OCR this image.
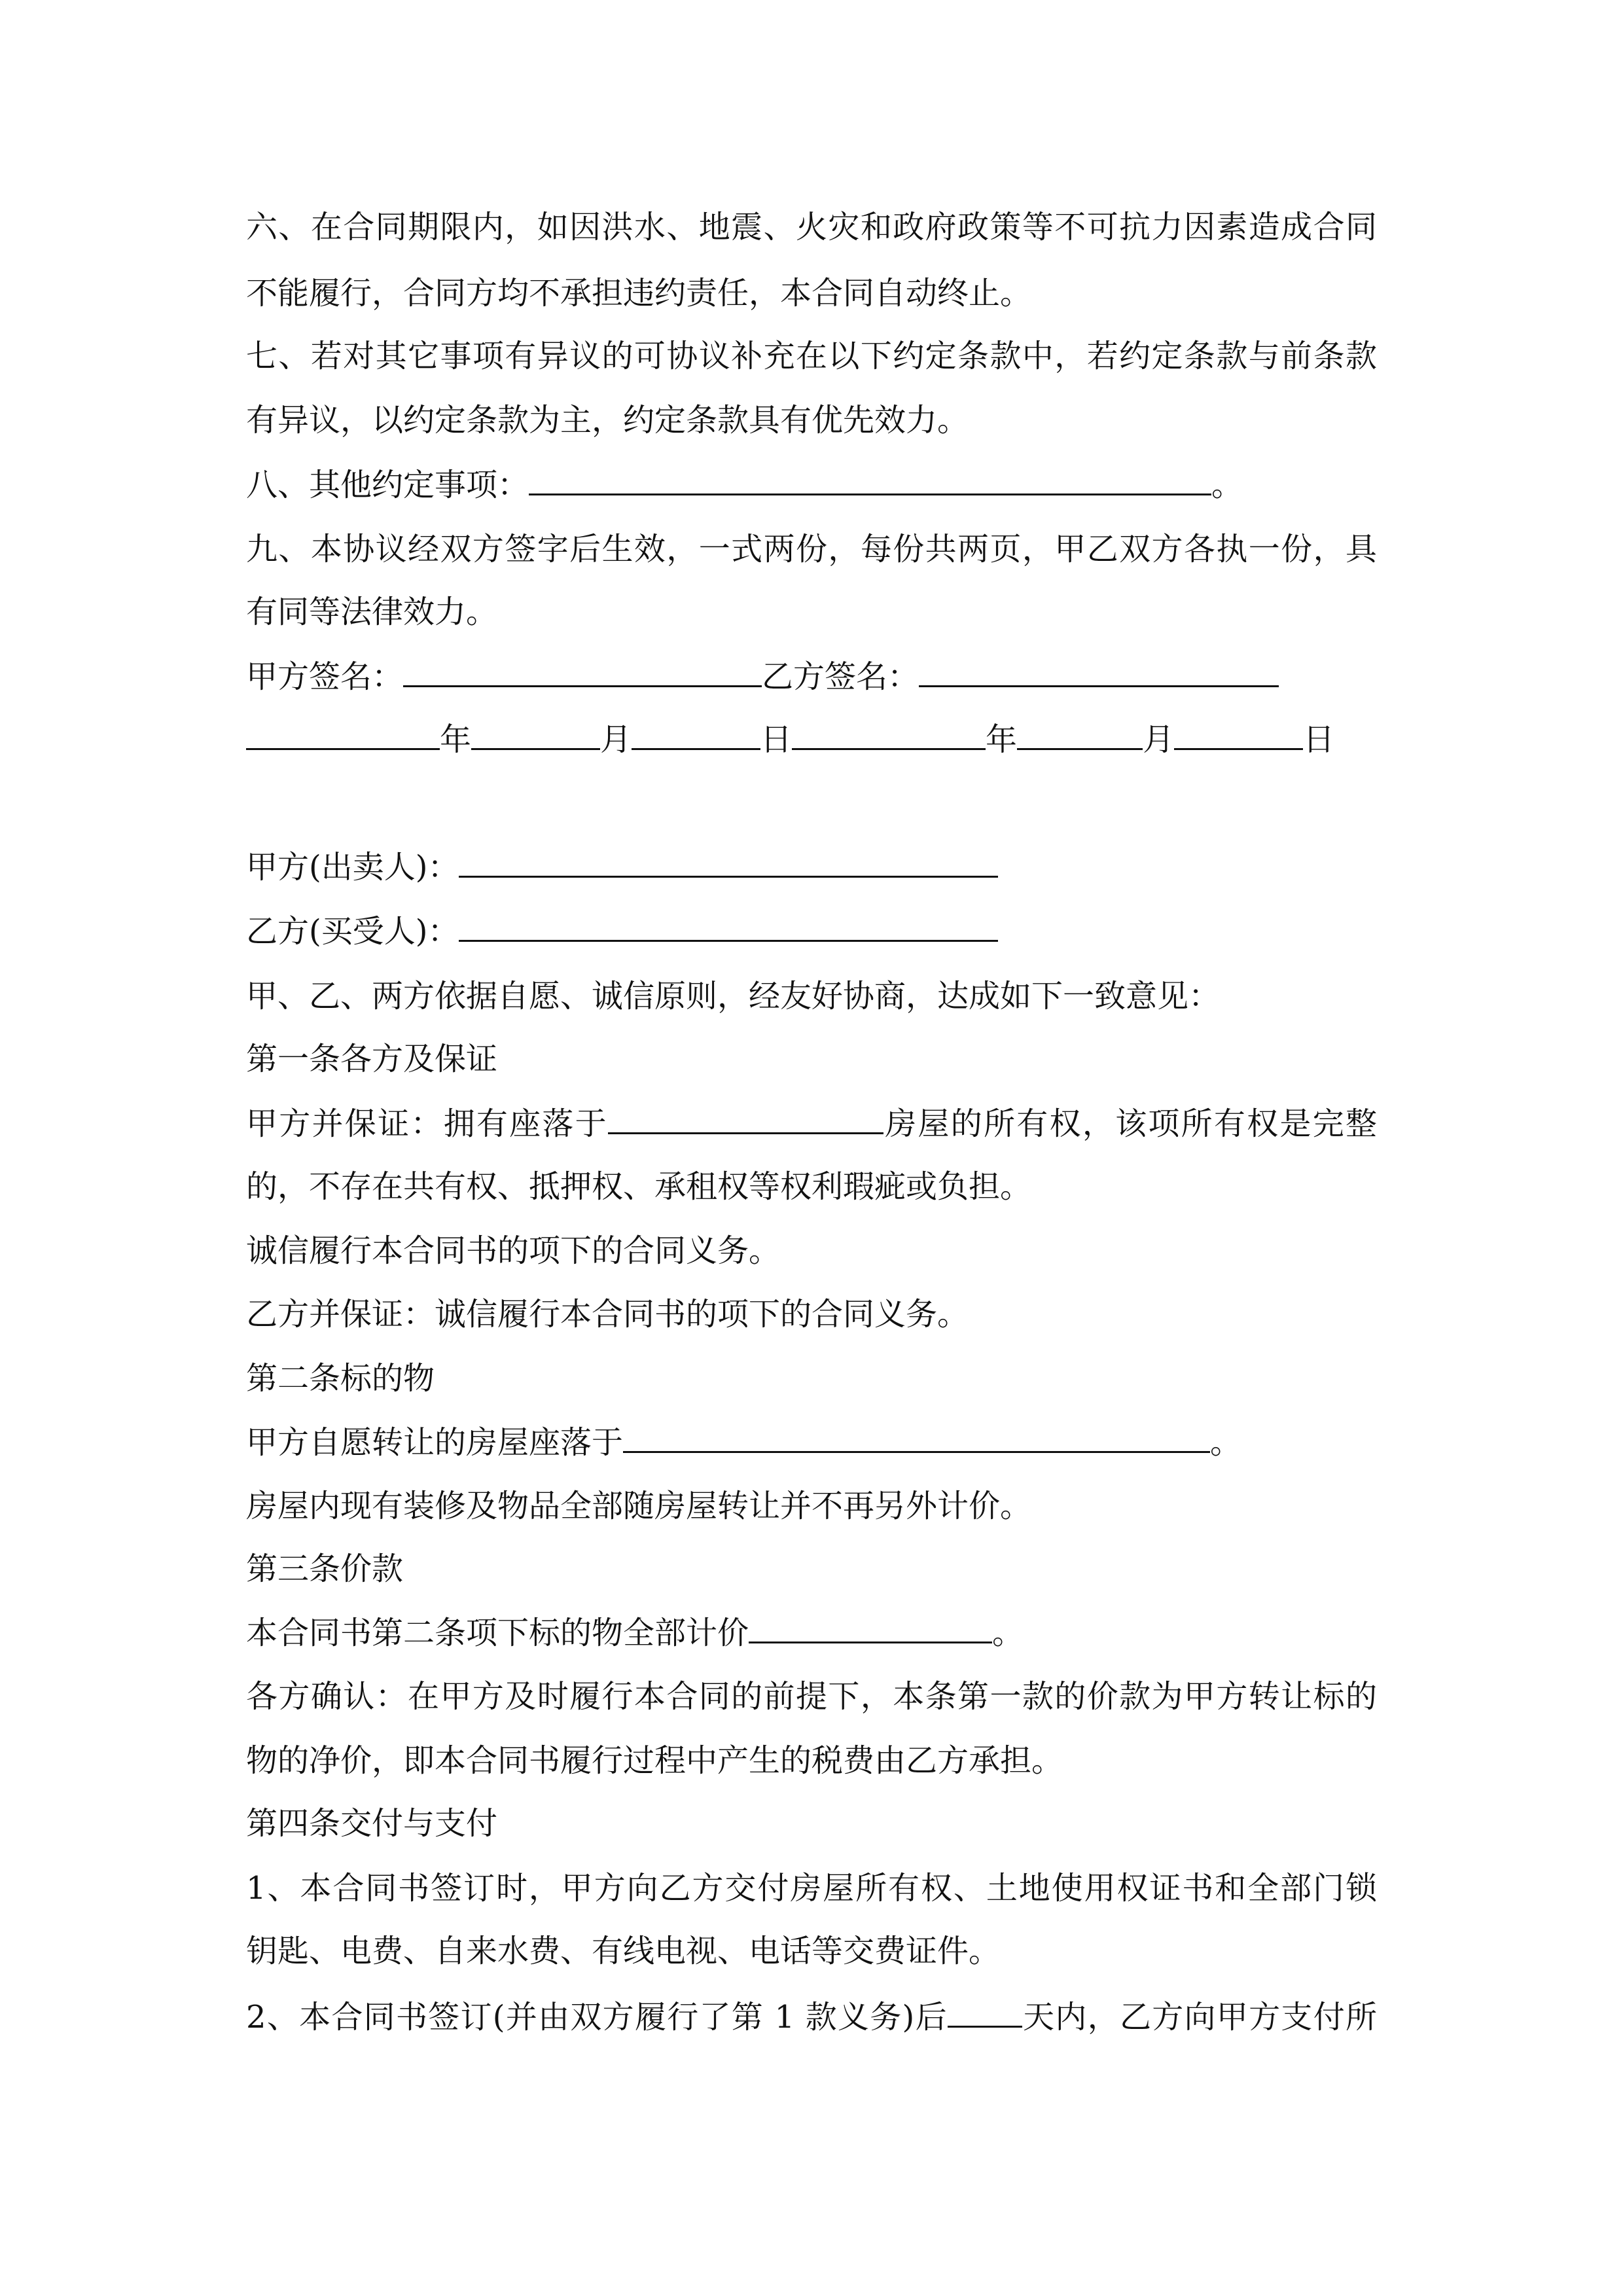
六、在合同期限内，如因洪水、地震、火灾和政府政策等不可抗力因素造成合同
不能履行，合同方均不承担违约责任，本合同自动终止。
七、若对其它事项有异议的可协议补充在以下约定条款中，若约定条款与前条款
有异议，以约定条款为主，约定条款具有优先效力。
八、其他约定事项：	。
九、本协议经双方签字后生效，一式两份，每份共两页，甲乙双方各执一份，具
有同等法律效力。
甲方签名：	乙方签名：
年	月	日	年	月	日
甲方(出卖人)：
乙方(买受人)：
甲、乙、两方依据自愿、诚信原则，经友好协商，达成如下一致意见：
第一条各方及保证
甲方并保证：拥有座落于	房屋的所有权，该项所有权是完整
的，不存在共有权、抵押权、承租权等权利瑕疵或负担。
诚信履行本合同书的项下的合同义务。
乙方并保证：诚信履行本合同书的项下的合同义务。
第二条标的物
甲方自愿转让的房屋座落于	。
房屋内现有装修及物品全部随房屋转让并不再另外计价。
第三条价款
本合同书第二条项下标的物全部计价	。
各方确认：在甲方及时履行本合同的前提下，本条第一款的价款为甲方转让标的
物的净价，即本合同书履行过程中产生的税费由乙方承担。
第四条交付与支付
1、本合同书签订时，甲方向乙方交付房屋所有权、土地使用权证书和全部门锁
钥匙、电费、自来水费、有线电视、电话等交费证件。
2、本合同书签订(并由双方履行了第 1 款义务)后 天内，乙方向甲方支付所
